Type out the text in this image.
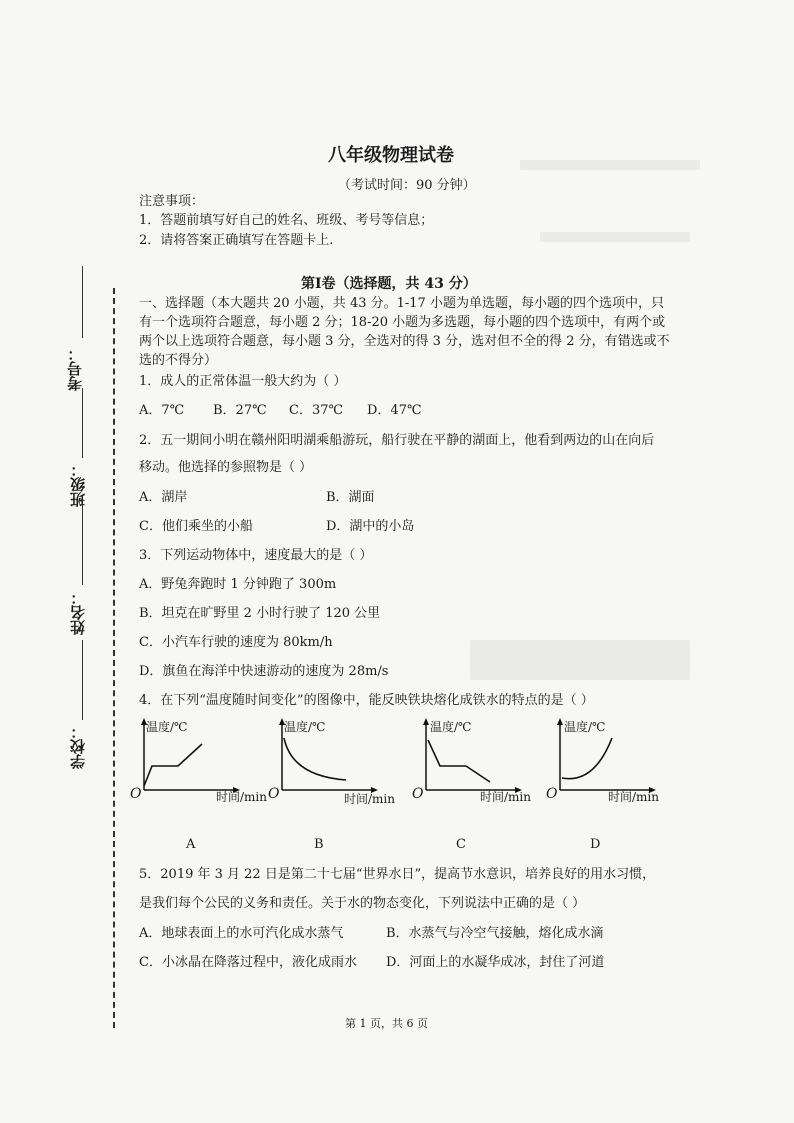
八年级物理试卷
（考试时间：90 分钟）
注意事项：
1．答题前填写好自己的姓名、班级、考号等信息；
2．请将答案正确填写在答题卡上.
考号：
班级：
姓名：
学校：
第Ⅰ卷（选择题，共 43 分）
一、选择题（本大题共 20 小题，共 43 分。1-17 小题为单选题，每小题的四个选项中，只
有一个选项符合题意，每小题 2 分；18-20 小题为多选题，每小题的四个选项中，有两个或
两个以上选项符合题意，每小题 3 分，全选对的得 3 分，选对但不全的得 2 分，有错选或不
选的不得分）
1．成人的正常体温一般大约为（ ）
A．7℃ B．27℃ C．37℃ D．47℃
2．五一期间小明在赣州阳明湖乘船游玩，船行驶在平静的湖面上，他看到两边的山在向后
移动。他选择的参照物是（ ）
A．湖岸	B．湖面
C．他们乘坐的小船	D．湖中的小岛
3．下列运动物体中，速度最大的是（ ）
A．野兔奔跑时 1 分钟跑了 300m
B．坦克在旷野里 2 小时行驶了 120 公里
C．小汽车行驶的速度为 80km/h
D．旗鱼在海洋中快速游动的速度为 28m/s
4．在下列“温度随时间变化”的图像中，能反映铁块熔化成铁水的特点的是（ ）
温度/℃
O	时间/min
A
温度/℃
O	时间/min
B
温度/℃
O	时间/min
C
温度/℃
O	时间/min
D
5．2019 年 3 月 22 日是第二十七届“世界水日”，提高节水意识，培养良好的用水习惯，
是我们每个公民的义务和责任。关于水的物态变化，下列说法中正确的是（ ）
A．地球表面上的水可汽化成水蒸气	B．水蒸气与冷空气接触，熔化成水滴
C．小冰晶在降落过程中，液化成雨水 D．河面上的水凝华成冰，封住了河道
第 1 页，共 6 页
